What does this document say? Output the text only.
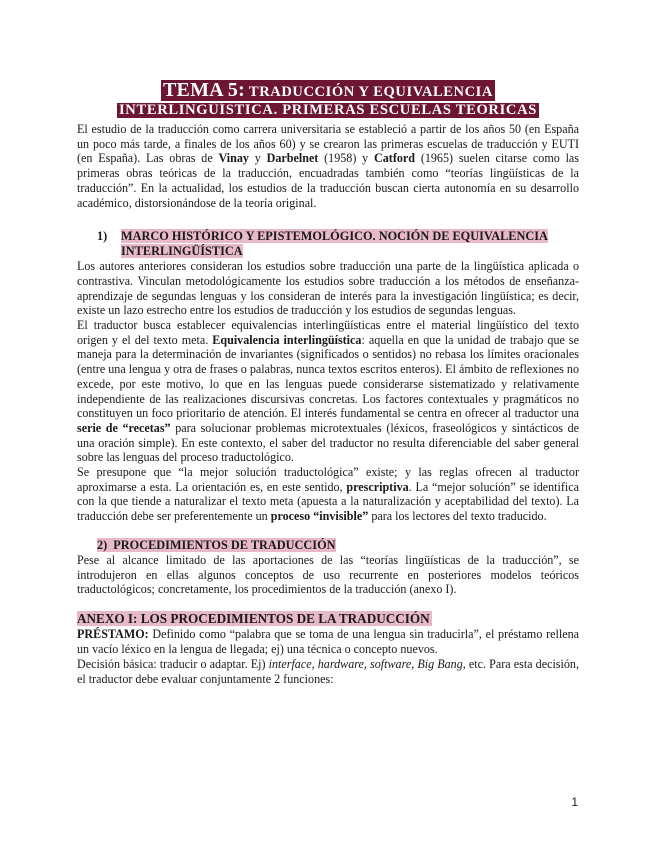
TEMA 5: TRADUCCIÓN Y EQUIVALENCIA
INTERLINGÜÍSTICA. PRIMERAS ESCUELAS TEÓRICAS

El estudio de la traducción como carrera universitaria se estableció a partir de los años 50 (en España un poco más tarde, a finales de los años 60) y se crearon las primeras escuelas de traducción y EUTI (en España). Las obras de Vinay y Darbelnet (1958) y Catford (1965) suelen citarse como las primeras obras teóricas de la traducción, encuadradas también como “teorías lingüísticas de la traducción”. En la actualidad, los estudios de la traducción buscan cierta autonomía en su desarrollo académico, distorsionándose de la teoría original.

1)	MARCO HISTÓRICO Y EPISTEMOLÓGICO. NOCIÓN DE EQUIVALENCIA
INTERLINGÜÍSTICA

Los autores anteriores consideran los estudios sobre traducción una parte de la lingüística aplicada o contrastiva. Vinculan metodológicamente los estudios sobre traducción a los métodos de enseñanza-aprendizaje de segundas lenguas y los consideran de interés para la investigación lingüística; es decir, existe un lazo estrecho entre los estudios de traducción y los estudios de segundas lenguas.

El traductor busca establecer equivalencias interlingüísticas entre el material lingüístico del texto origen y el del texto meta. Equivalencia interlingüística: aquella en que la unidad de trabajo que se maneja para la determinación de invariantes (significados o sentidos) no rebasa los límites oracionales (entre una lengua y otra de frases o palabras, nunca textos escritos enteros). El ámbito de reflexiones no excede, por este motivo, lo que en las lenguas puede considerarse sistematizado y relativamente independiente de las realizaciones discursivas concretas. Los factores contextuales y pragmáticos no constituyen un foco prioritario de atención. El interés fundamental se centra en ofrecer al traductor una serie de “recetas” para solucionar problemas microtextuales (léxicos, fraseológicos y sintácticos de una oración simple). En este contexto, el saber del traductor no resulta diferenciable del saber general sobre las lenguas del proceso traductológico.

Se presupone que “la mejor solución traductológica” existe; y las reglas ofrecen al traductor aproximarse a esta. La orientación es, en este sentido, prescriptiva. La “mejor solución” se identifica con la que tiende a naturalizar el texto meta (apuesta a la naturalización y aceptabilidad del texto). La traducción debe ser preferentemente un proceso “invisible” para los lectores del texto traducido.

2) PROCEDIMIENTOS DE TRADUCCIÓN

Pese al alcance limitado de las aportaciones de las “teorías lingüísticas de la traducción”, se introdujeron en ellas algunos conceptos de uso recurrente en posteriores modelos teóricos traductológicos; concretamente, los procedimientos de la traducción (anexo I).

ANEXO I: LOS PROCEDIMIENTOS DE LA TRADUCCIÓN

PRÉSTAMO: Definido como “palabra que se toma de una lengua sin traducirla”, el préstamo rellena un vacío léxico en la lengua de llegada; ej) una técnica o concepto nuevos.

Decisión básica: traducir o adaptar. Ej) interface, hardware, software, Big Bang, etc. Para esta decisión, el traductor debe evaluar conjuntamente 2 funciones:

1
